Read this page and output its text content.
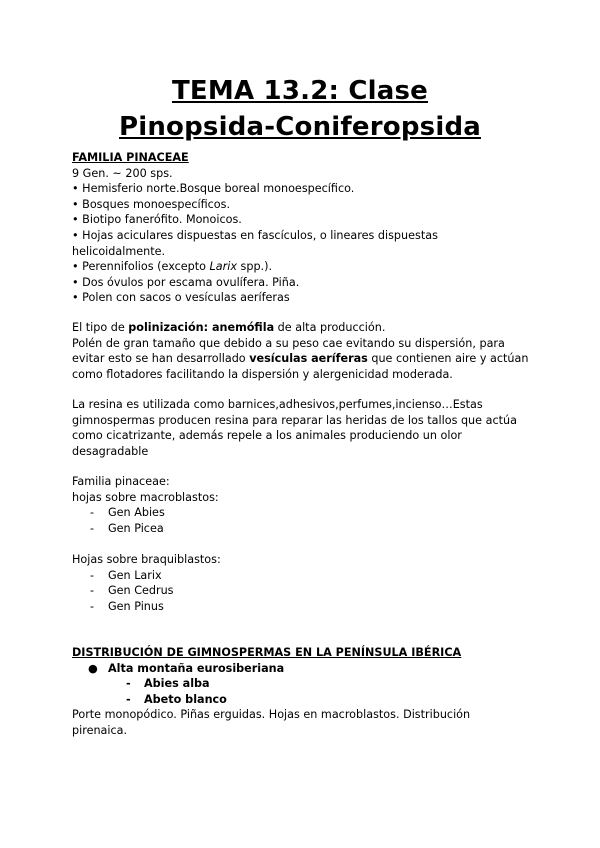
TEMA 13.2: Clase
Pinopsida-Coniferopsida
FAMILIA PINACEAE
9 Gen. ~ 200 sps.
• Hemisferio norte.Bosque boreal monoespecífico.
• Bosques monoespecíficos.
• Biotipo fanerófito. Monoicos.
• Hojas aciculares dispuestas en fascículos, o lineares dispuestas
helicoidalmente.
• Perennifolios (excepto Larix spp.).
• Dos óvulos por escama ovulífera. Piña.
• Polen con sacos o vesículas aeríferas
El tipo de polinización: anemófila de alta producción.
Polén de gran tamaño que debido a su peso cae evitando su dispersión, para
evitar esto se han desarrollado vesículas aeríferas que contienen aire y actúan
como flotadores facilitando la dispersión y alergenicidad moderada.
La resina es utilizada como barnices,adhesivos,perfumes,incienso…Estas
gimnospermas producen resina para reparar las heridas de los tallos que actúa
como cicatrizante, además repele a los animales produciendo un olor
desagradable
Familia pinaceae:
hojas sobre macroblastos:
- Gen Abies
- Gen Picea

Hojas sobre braquiblastos:
- Gen Larix
- Gen Cedrus
- Gen Pinus
DISTRIBUCIÓN DE GIMNOSPERMAS EN LA PENÍNSULA IBÉRICA
● Alta montaña eurosiberiana
- Abies alba
- Abeto blanco
Porte monopódico. Piñas erguidas. Hojas en macroblastos. Distribución
pirenaica.
